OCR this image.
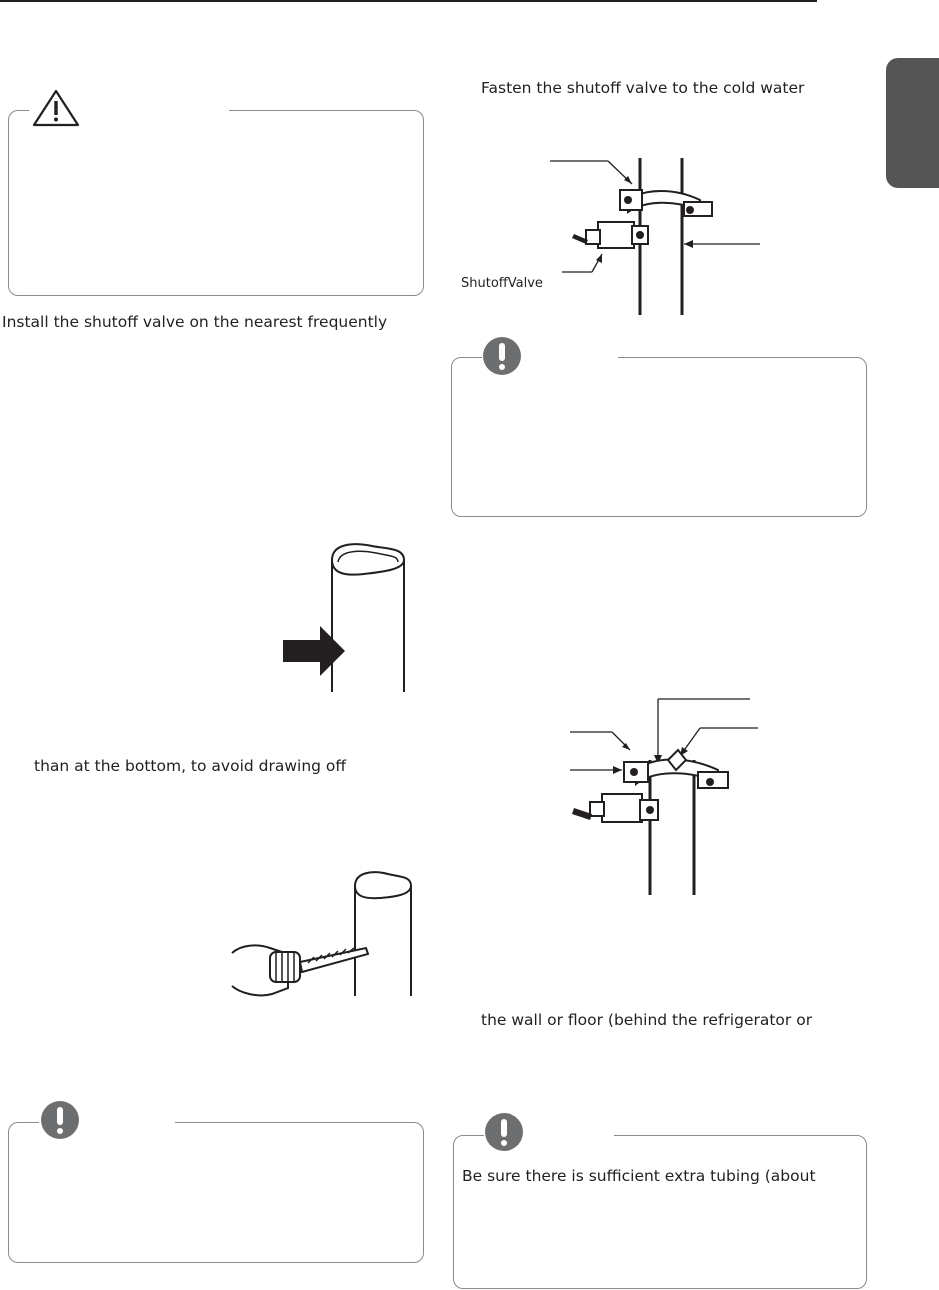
Install the shutoff valve on the nearest frequently
than at the bottom, to avoid drawing off
Fasten the shutoff valve to the cold water
ShutoffValve
the wall or floor (behind the refrigerator or
Be sure there is sufficient extra tubing (about
